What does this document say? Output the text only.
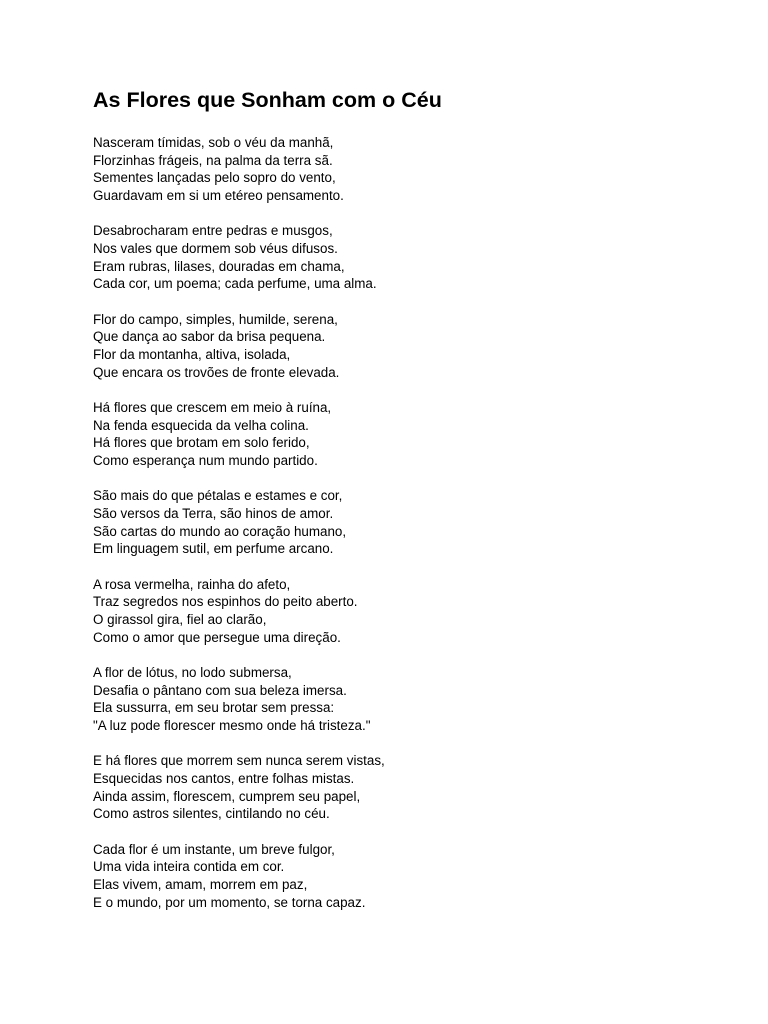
As Flores que Sonham com o Céu
Nasceram tímidas, sob o véu da manhã,
Florzinhas frágeis, na palma da terra sã.
Sementes lançadas pelo sopro do vento,
Guardavam em si um etéreo pensamento.
Desabrocharam entre pedras e musgos,
Nos vales que dormem sob véus difusos.
Eram rubras, lilases, douradas em chama,
Cada cor, um poema; cada perfume, uma alma.
Flor do campo, simples, humilde, serena,
Que dança ao sabor da brisa pequena.
Flor da montanha, altiva, isolada,
Que encara os trovões de fronte elevada.
Há flores que crescem em meio à ruína,
Na fenda esquecida da velha colina.
Há flores que brotam em solo ferido,
Como esperança num mundo partido.
São mais do que pétalas e estames e cor,
São versos da Terra, são hinos de amor.
São cartas do mundo ao coração humano,
Em linguagem sutil, em perfume arcano.
A rosa vermelha, rainha do afeto,
Traz segredos nos espinhos do peito aberto.
O girassol gira, fiel ao clarão,
Como o amor que persegue uma direção.
A flor de lótus, no lodo submersa,
Desafia o pântano com sua beleza imersa.
Ela sussurra, em seu brotar sem pressa:
"A luz pode florescer mesmo onde há tristeza."
E há flores que morrem sem nunca serem vistas,
Esquecidas nos cantos, entre folhas mistas.
Ainda assim, florescem, cumprem seu papel,
Como astros silentes, cintilando no céu.
Cada flor é um instante, um breve fulgor,
Uma vida inteira contida em cor.
Elas vivem, amam, morrem em paz,
E o mundo, por um momento, se torna capaz.
